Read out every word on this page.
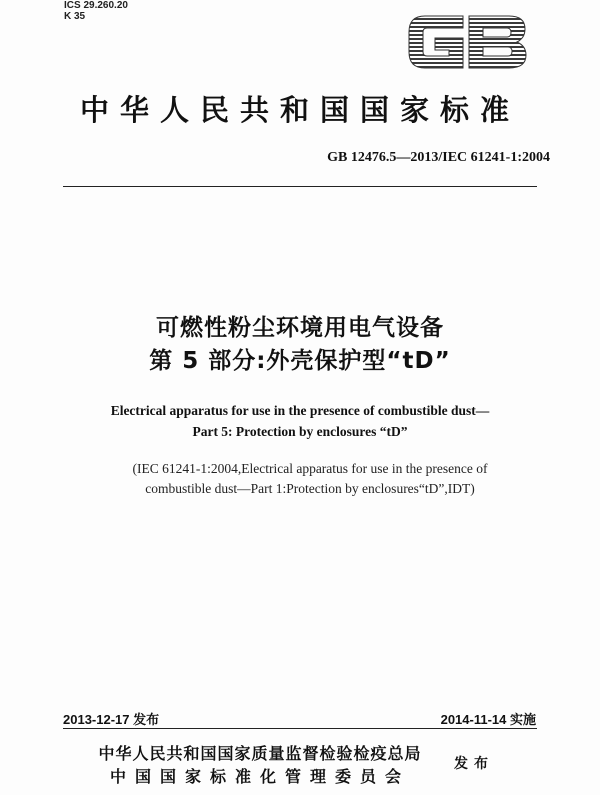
ICS 29.260.20
K 35
中华人民共和国国家标准
GB 12476.5—2013/IEC 61241-1:2004
可燃性粉尘环境用电气设备
第 5 部分:外壳保护型“tD”
Electrical apparatus for use in the presence of combustible dust—
Part 5: Protection by enclosures “tD”
(IEC 61241-1:2004,Electrical apparatus for use in the presence of
combustible dust—Part 1:Protection by enclosures“tD”,IDT)
2013-12-17 发布	2014-11-14 实施
中华人民共和国国家质量监督检验检疫总局
中国国家标准化管理委员会
发布
